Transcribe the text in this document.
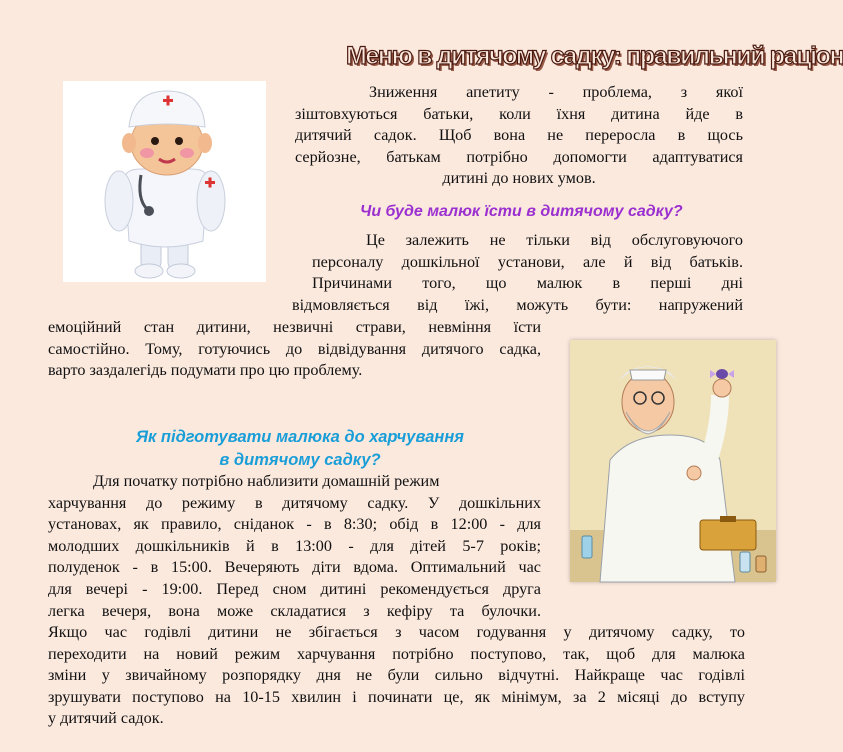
Меню в дитячому садку: правильний раціон
Зниження апетиту - проблема, з якої
зіштовхуються батьки, коли їхня дитина йде в
дитячий садок. Щоб вона не переросла в щось
серйозне, батькам потрібно допомогти адаптуватися
дитині до нових умов.
Чи буде малюк їсти в дитячому садку?
Це залежить не тільки від обслуговуючого
персоналу дошкільної установи, але й від батьків.
Причинами того, що малюк в перші дні
відмовляється від їжі, можуть бути: напружений
емоційний стан дитини, незвичні страви, невміння їсти
самостійно. Тому, готуючись до відвідування дитячого садка,
варто заздалегідь подумати про цю проблему.
Як підготувати малюка до харчування
в дитячому садку?
Для початку потрібно наблизити домашній режим
харчування до режиму в дитячому садку. У дошкільних
установах, як правило, сніданок - в 8:30; обід в 12:00 - для
молодших дошкільників й в 13:00 - для дітей 5-7 років;
полуденок - в 15:00. Вечеряють діти вдома. Оптимальний час
для вечері - 19:00. Перед сном дитині рекомендується друга
легка вечеря, вона може складатися з кефіру та булочки.
Якщо час годівлі дитини не збігається з часом годування у дитячому садку, то
переходити на новий режим харчування потрібно поступово, так, щоб для малюка
зміни у звичайному розпорядку дня не були сильно відчутні. Найкраще час годівлі
зрушувати поступово на 10-15 хвилин і починати це, як мінімум, за 2 місяці до вступу
у дитячий садок.
